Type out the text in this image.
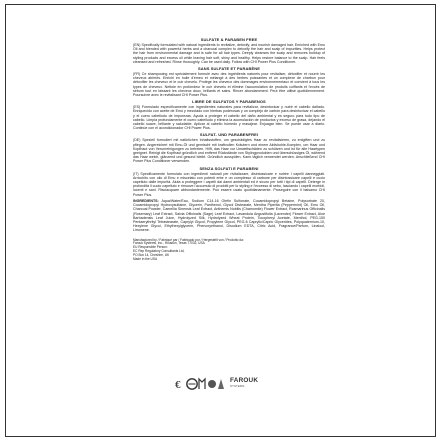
SULFATE & PARABEN FREE

(EN) Specifically formulated with natural ingredients to revitalize, detoxify, and nourish damaged hair. Enriched with Emu Oil and blended with powerful herbs and a charcoal complex to detoxify the hair and scalp of impurities. Helps protect the hair from environmental damage and is safe for all hair types. Deeply cleanses the scalp and removes buildup of styling products and excess oil while leaving hair soft, shiny and healthy. Helps restore balance to the scalp. Hair feels cleansed and refreshed. Rinse thoroughly. Can be used daily. Follow with CHI Power Plus Conditioner.

SANS SULFATE ET PARABÈNE

(FR) Ce shampooing est spécialement formulé avec des ingrédients naturels pour revitaliser, détoxifier et nourrir les cheveux abîmés. Enrichi en huile d'émeu et mélangé à des herbes puissantes et un complexe de charbon pour détoxifier les cheveux et le cuir chevelu. Protège les cheveux des dommages environnementaux et convient à tous les types de cheveux. Nettoie en profondeur le cuir chevelu et élimine l'accumulation de produits coiffants et l'excès de sébum tout en laissant les cheveux doux, brillants et sains. Rincer abondamment. Peut être utilisé quotidiennement. Poursuivre avec le revitalisant CHI Power Plus.

LIBRE DE SULFATOS Y PARABENOS

(ES) Formulado específicamente con ingredientes naturales para revitalizar, desintoxicar y nutrir el cabello dañado. Enriquecido con aceite de Emú y mezclado con hierbas poderosas y un complejo de carbón para desintoxicar el cabello y el cuero cabelludo de impurezas. Ayuda a proteger el cabello del daño ambiental y es seguro para todo tipo de cabello. Limpia profundamente el cuero cabelludo y elimina la acumulación de productos y exceso de grasa, dejando el cabello suave, brillante y saludable. Aplicar al cabello húmedo y masajear. Enjuagar bien. Se puede usar a diario. Continúe con el acondicionador CHI Power Plus.

SULFAT- UND PARABENFREI

(DE) Speziell formuliert mit natürlichen Inhaltsstoffen, um geschädigtes Haar zu revitalisieren, zu entgiften und zu pflegen. Angereichert mit Emu-Öl und gemischt mit kraftvollen Kräutern und einem Aktivkohle-Komplex, um Haar und Kopfhaut von Verunreinigungen zu befreien. Hilft, das Haar vor Umweltschäden zu schützen und ist für alle Haartypen geeignet. Reinigt die Kopfhaut gründlich und entfernt Rückstände von Stylingprodukten und überschüssiges Öl, während das Haar weich, glänzend und gesund bleibt. Gründlich ausspülen. Kann täglich verwendet werden. Anschließend CHI Power Plus Conditioner verwenden.

SENZA SOLFATI E PARABENI

(IT) Specificamente formulato con ingredienti naturali per rivitalizzare, disintossicare e nutrire i capelli danneggiati. Arricchito con olio di Emu e miscelato con potenti erbe e un complesso di carbone per disintossicare capelli e cuoio capelluto dalle impurità. Aiuta a proteggere i capelli dai danni ambientali ed è sicuro per tutti i tipi di capelli. Deterge in profondità il cuoio capelluto e rimuove l'accumulo di prodotti per lo styling e l'eccesso di sebo, lasciando i capelli morbidi, lucenti e sani. Risciacquare abbondantemente. Può essere usato quotidianamente. Proseguire con il balsamo CHI Power Plus.

INGREDIENTS: Aqua/Water/Eau, Sodium C14-16 Olefin Sulfonate, Cocamidopropyl Betaine, Polysorbate 20, Cocamidopropyl Hydroxysultaine, Glycerin, Panthenol, Glycol Distearate, Mentha Piperita (Peppermint) Oil, Emu Oil, Charcoal Powder, Camellia Sinensis Leaf Extract, Anthemis Nobilis (Chamomile) Flower Extract, Rosmarinus Officinalis (Rosemary) Leaf Extract, Salvia Officinalis (Sage) Leaf Extract, Lavandula Angustifolia (Lavender) Flower Extract, Aloe Barbadensis Leaf Juice, Hydrolyzed Silk, Hydrolyzed Wheat Protein, Tocopheryl Acetate, Menthol, PEG-150 Pentaerythrityl Tetrastearate, Caprylyl Glycol, Propylene Glycol, PEG-6 Caprylic/Capric Glycerides, Polyquaternium-10, Hexylene Glycol, Ethylhexylglycerin, Phenoxyethanol, Disodium EDTA, Citric Acid, Fragrance/Parfum, Linalool, Limonene.

Manufactured by / Fabriqué par / Fabricado por / Hergestellt von / Prodotto da:

Farouk Systems, Inc., Houston, Texas 77032, USA

EU Responsible Person:

EC Rep Regulatory Consultants Ltd,

PO Box 14, Cheshire, UK

Made in the USA

€	FAROUK
SYSTEMS
